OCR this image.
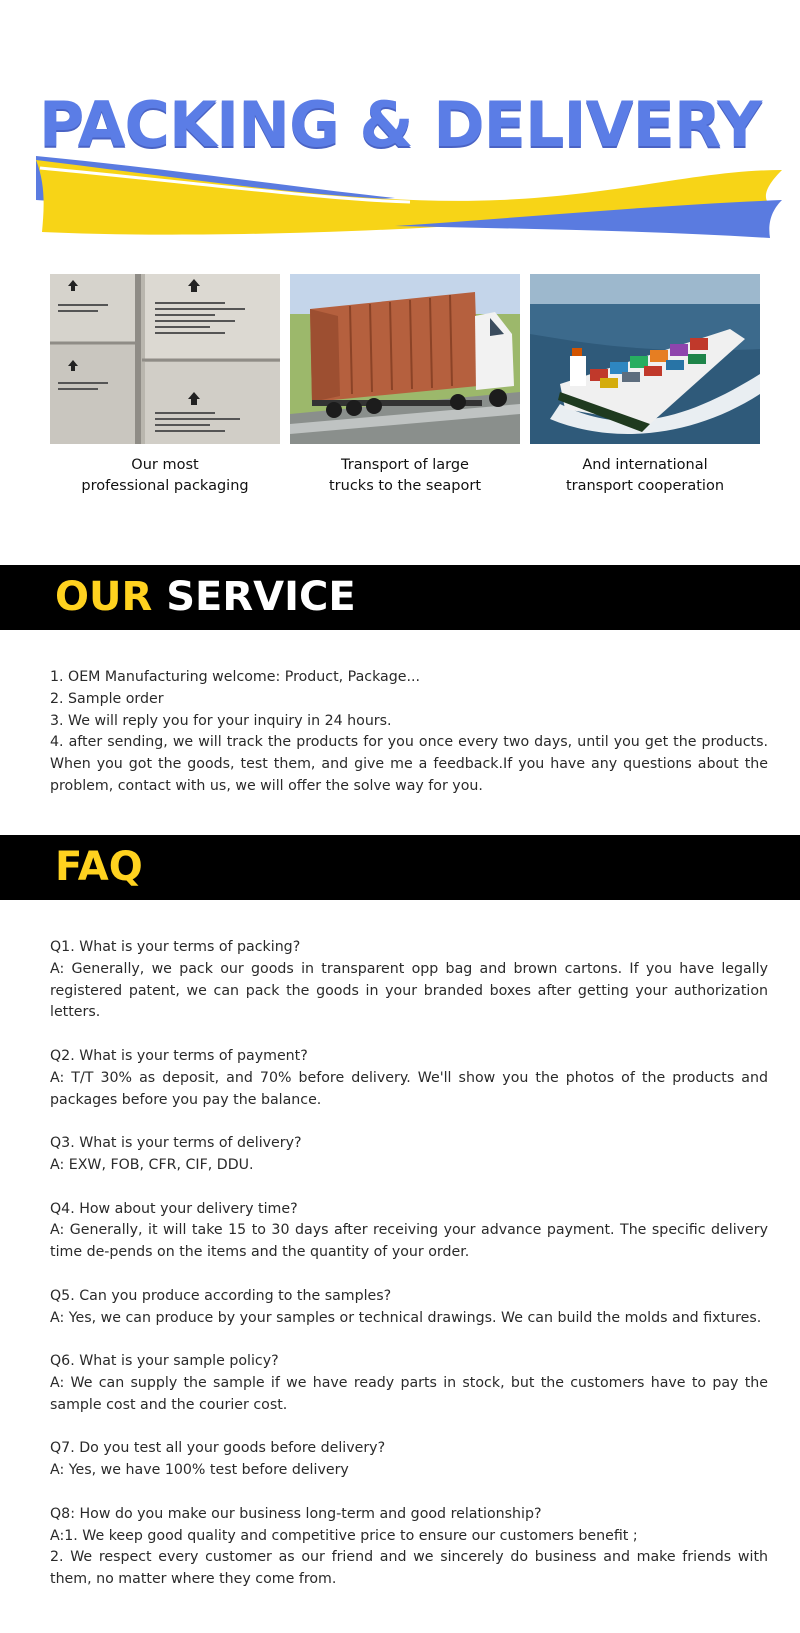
PACKING & DELIVERY
Our most
professional packaging
Transport of large
trucks to the seaport
And international
transport cooperation
OUR SERVICE

1. OEM Manufacturing welcome: Product, Package...

2. Sample order

3. We will reply you for your inquiry in 24 hours.

4. after sending, we will track the products for you once every two days, until you get the products. When you got the goods, test them, and give me a feedback.If you have any questions about the problem, contact with us, we will offer the solve way for you.

FAQ

Q1. What is your terms of packing?

A: Generally, we pack our goods in transparent opp bag and brown cartons. If you have legally registered patent, we can pack the goods in your branded boxes after getting your authorization letters.

Q2. What is your terms of payment?

A: T/T 30% as deposit, and 70% before delivery. We'll show you the photos of the products and packages before you pay the balance.

Q3. What is your terms of delivery?

A: EXW, FOB, CFR, CIF, DDU.

Q4. How about your delivery time?

A: Generally, it will take 15 to 30 days after receiving your advance payment. The specific delivery time de-pends on the items and the quantity of your order.

Q5. Can you produce according to the samples?

A: Yes, we can produce by your samples or technical drawings. We can build the molds and fixtures.

Q6. What is your sample policy?

A: We can supply the sample if we have ready parts in stock, but the customers have to pay the sample cost and the courier cost.

Q7. Do you test all your goods before delivery?

A: Yes, we have 100% test before delivery

Q8: How do you make our business long-term and good relationship?

A:1. We keep good quality and competitive price to ensure our customers benefit ;

2. We respect every customer as our friend and we sincerely do business and make friends with them, no matter where they come from.
